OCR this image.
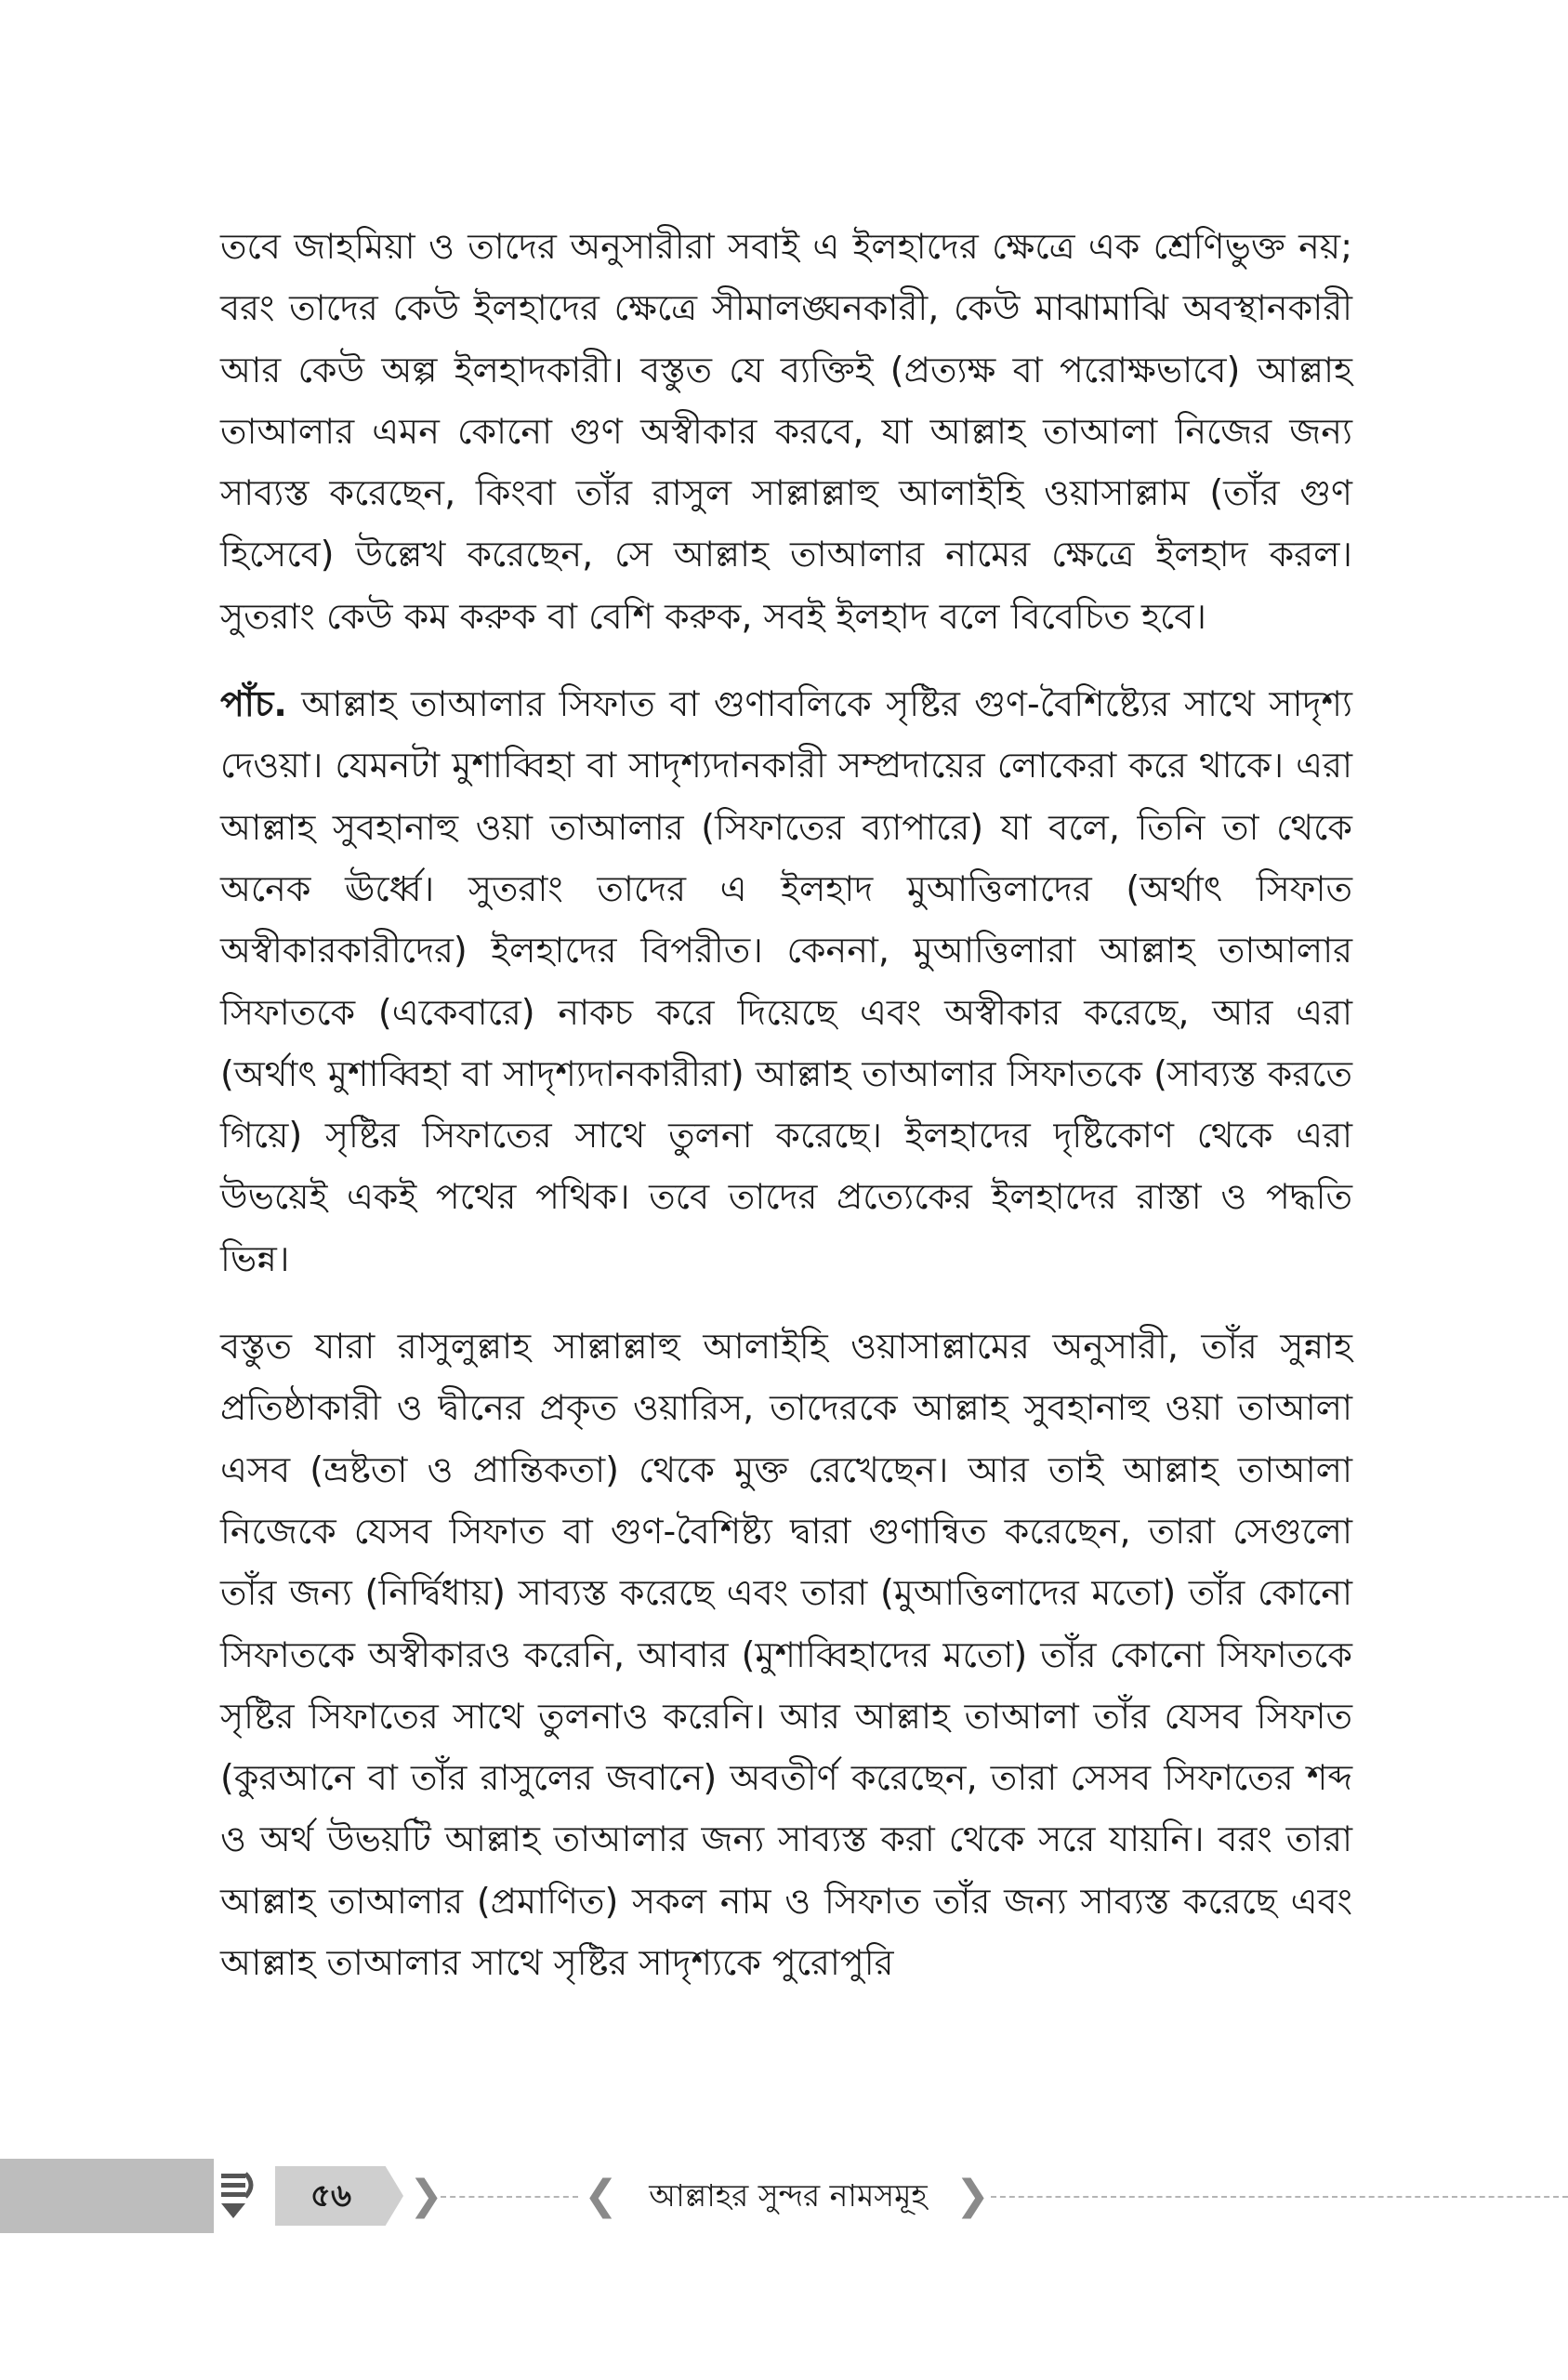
তবে জাহমিয়া ও তাদের অনুসারীরা সবাই এ ইলহাদের ক্ষেত্রে এক শ্রেণিভুক্ত নয়; বরং তাদের কেউ ইলহাদের ক্ষেত্রে সীমালঙ্ঘনকারী, কেউ মাঝামাঝি অবস্থানকারী আর কেউ অল্প ইলহাদকারী। বস্তুত যে ব্যক্তিই (প্রত্যক্ষ বা পরোক্ষভাবে) আল্লাহ তাআলার এমন কোনো গুণ অস্বীকার করবে, যা আল্লাহ তাআলা নিজের জন্য সাব্যস্ত করেছেন, কিংবা তাঁর রাসুল সাল্লাল্লাহু আলাইহি ওয়াসাল্লাম (তাঁর গুণ হিসেবে) উল্লেখ করেছেন, সে আল্লাহ তাআলার নামের ক্ষেত্রে ইলহাদ করল। সুতরাং কেউ কম করুক বা বেশি করুক, সবই ইলহাদ বলে বিবেচিত হবে।

পাঁচ. আল্লাহ তাআলার সিফাত বা গুণাবলিকে সৃষ্টির গুণ-বৈশিষ্ট্যের সাথে সাদৃশ্য দেওয়া। যেমনটা মুশাব্বিহা বা সাদৃশ্যদানকারী সম্প্রদায়ের লোকেরা করে থাকে। এরা আল্লাহ সুবহানাহু ওয়া তাআলার (সিফাতের ব্যাপারে) যা বলে, তিনি তা থেকে অনেক ঊর্ধ্বে। সুতরাং তাদের এ ইলহাদ মুআত্তিলাদের (অর্থাৎ সিফাত অস্বীকারকারীদের) ইলহাদের বিপরীত। কেননা, মুআত্তিলারা আল্লাহ তাআলার সিফাতকে (একেবারে) নাকচ করে দিয়েছে এবং অস্বীকার করেছে, আর এরা (অর্থাৎ মুশাব্বিহা বা সাদৃশ্যদানকারীরা) আল্লাহ তাআলার সিফাতকে (সাব্যস্ত করতে গিয়ে) সৃষ্টির সিফাতের সাথে তুলনা করেছে। ইলহাদের দৃষ্টিকোণ থেকে এরা উভয়েই একই পথের পথিক। তবে তাদের প্রত্যেকের ইলহাদের রাস্তা ও পদ্ধতি ভিন্ন।

বস্তুত যারা রাসুলুল্লাহ সাল্লাল্লাহু আলাইহি ওয়াসাল্লামের অনুসারী, তাঁর সুন্নাহ প্রতিষ্ঠাকারী ও দ্বীনের প্রকৃত ওয়ারিস, তাদেরকে আল্লাহ সুবহানাহু ওয়া তাআলা এসব (ভ্রষ্টতা ও প্রান্তিকতা) থেকে মুক্ত রেখেছেন। আর তাই আল্লাহ তাআলা নিজেকে যেসব সিফাত বা গুণ-বৈশিষ্ট্য দ্বারা গুণান্বিত করেছেন, তারা সেগুলো তাঁর জন্য (নির্দ্বিধায়) সাব্যস্ত করেছে এবং তারা (মুআত্তিলাদের মতো) তাঁর কোনো সিফাতকে অস্বীকারও করেনি, আবার (মুশাব্বিহাদের মতো) তাঁর কোনো সিফাতকে সৃষ্টির সিফাতের সাথে তুলনাও করেনি। আর আল্লাহ তাআলা তাঁর যেসব সিফাত (কুরআনে বা তাঁর রাসুলের জবানে) অবতীর্ণ করেছেন, তারা সেসব সিফাতের শব্দ ও অর্থ উভয়টি আল্লাহ তাআলার জন্য সাব্যস্ত করা থেকে সরে যায়নি। বরং তারা আল্লাহ তাআলার (প্রমাণিত) সকল নাম ও সিফাত তাঁর জন্য সাব্যস্ত করেছে এবং আল্লাহ তাআলার সাথে সৃষ্টির সাদৃশ্যকে পুরোপুরি

৫৬	❯	❮	আল্লাহর সুন্দর নামসমূহ ❯
